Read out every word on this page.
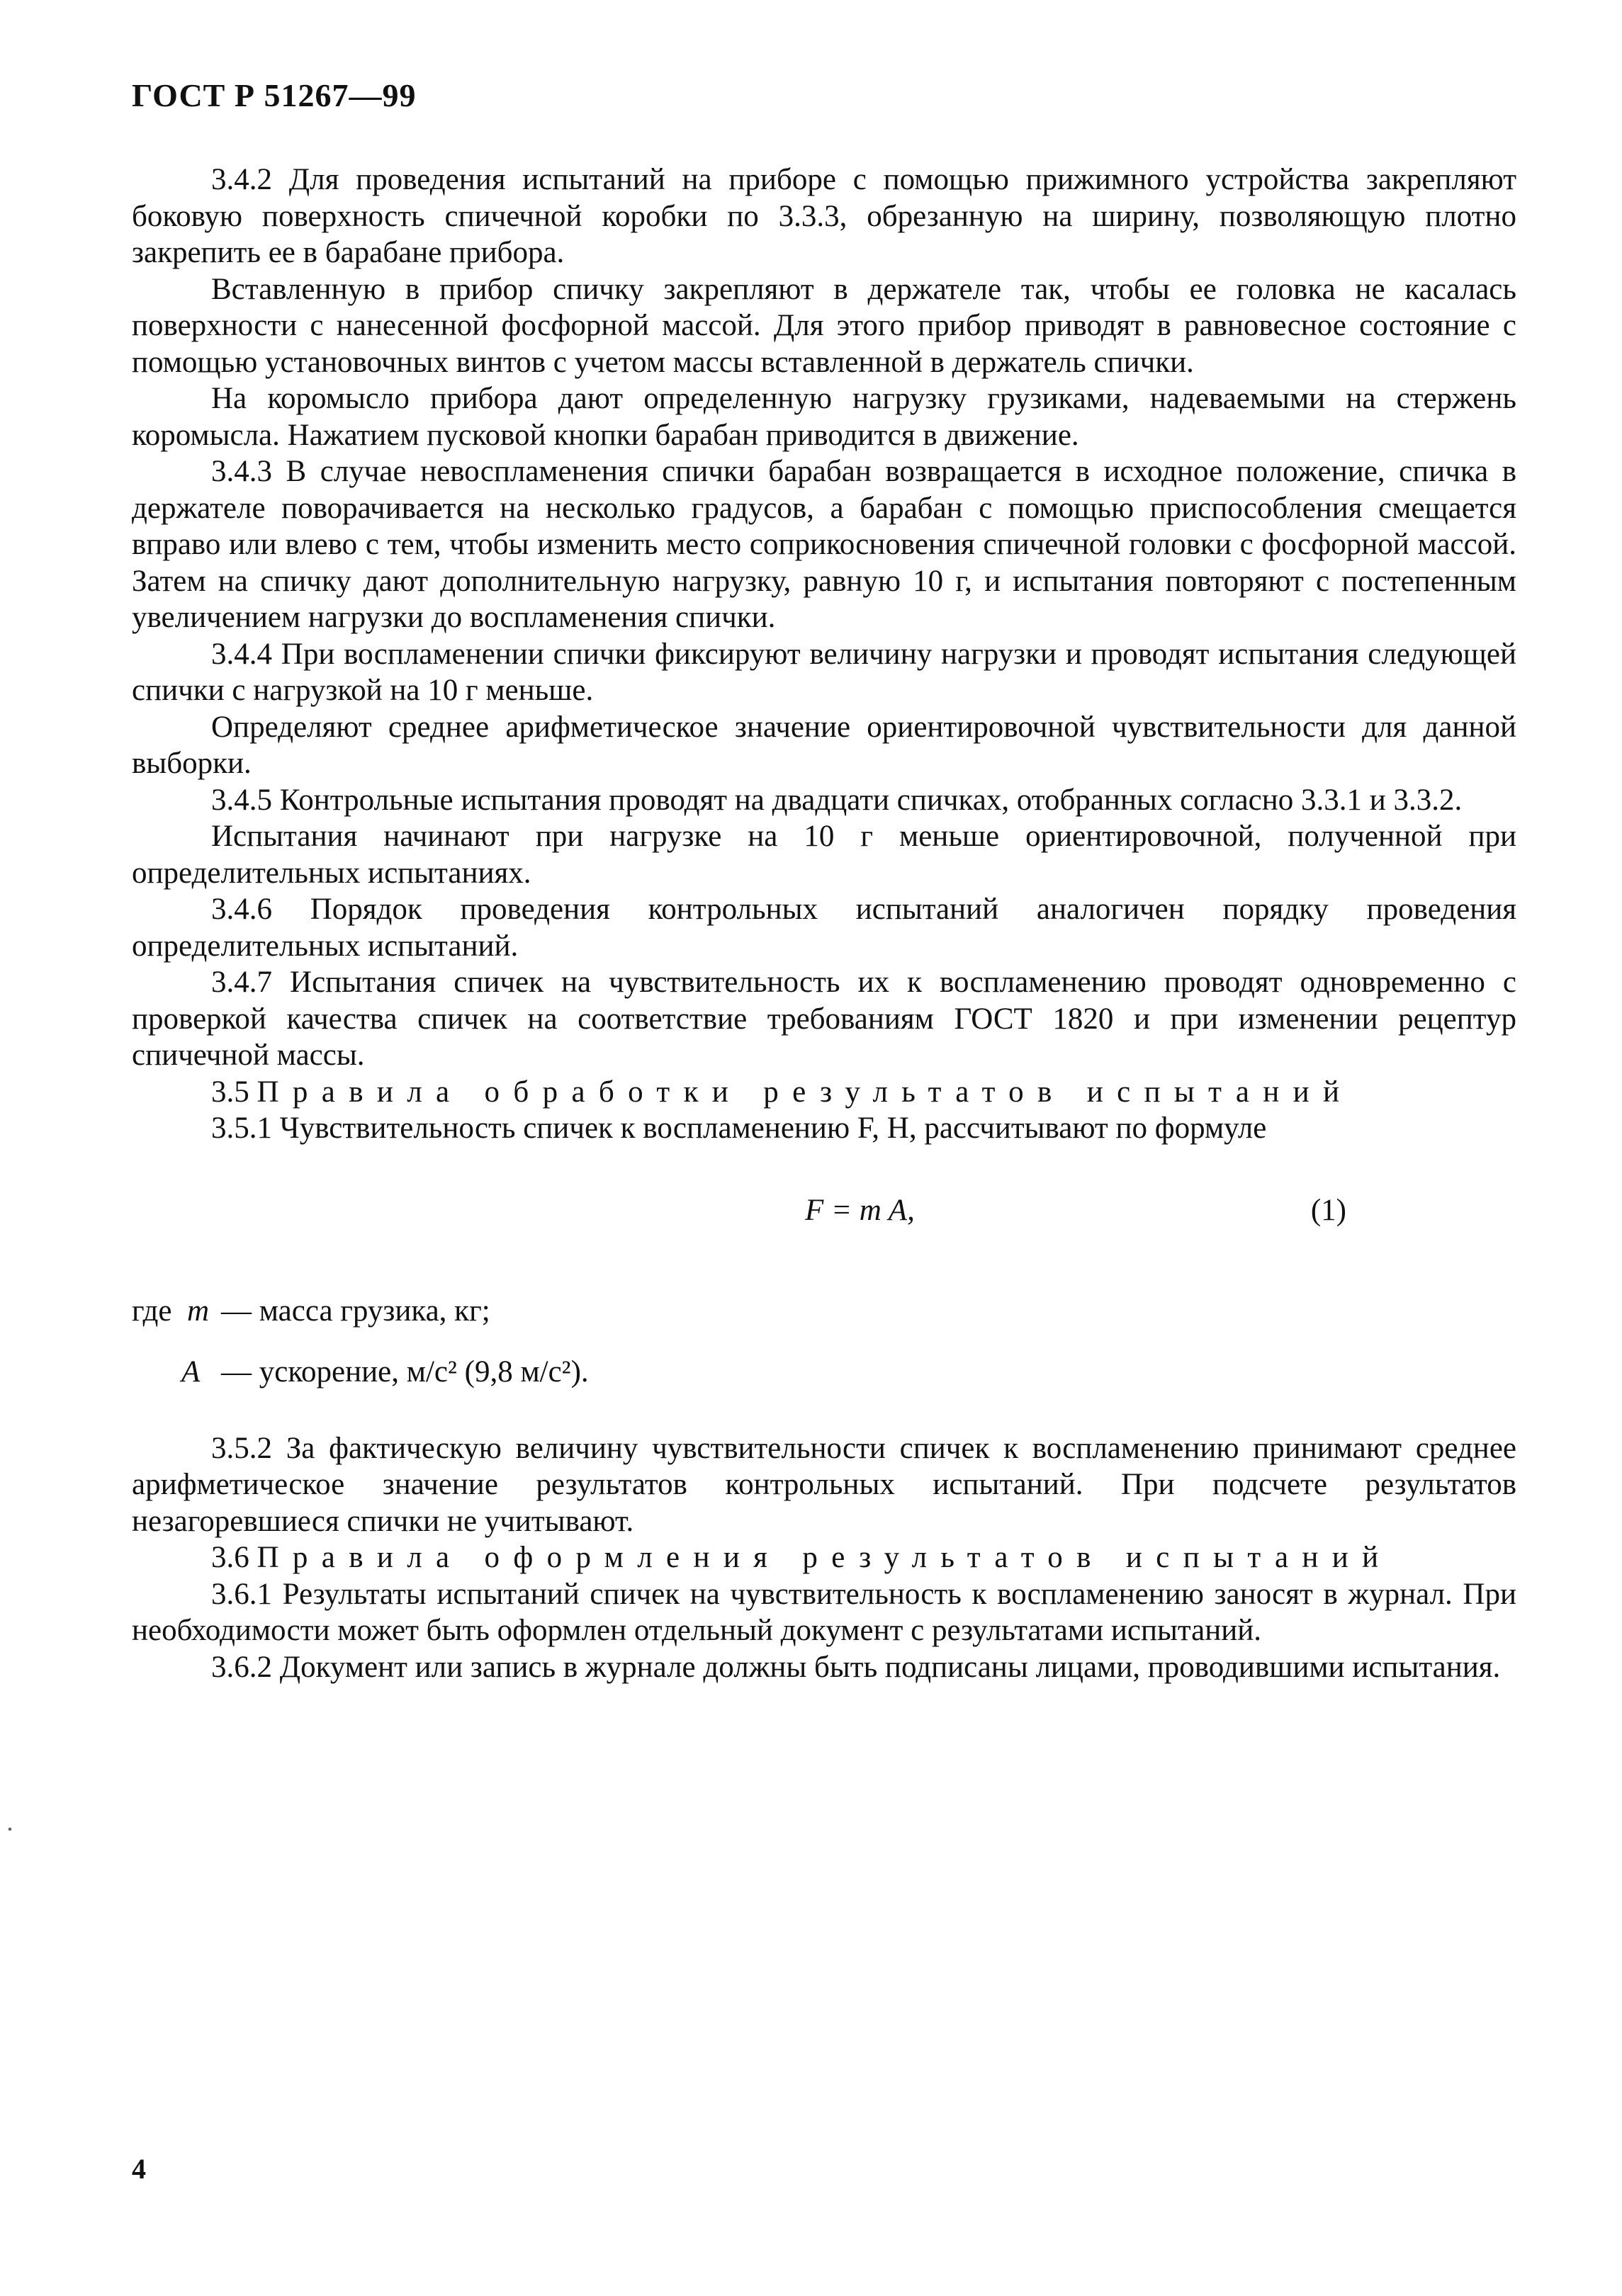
ГОСТ Р 51267—99

3.4.2 Для проведения испытаний на приборе с помощью прижимного устройства закрепляют боковую поверхность спичечной коробки по 3.3.3, обрезанную на ширину, позволяющую плотно закрепить ее в барабане прибора.

Вставленную в прибор спичку закрепляют в держателе так, чтобы ее головка не касалась поверхности с нанесенной фосфорной массой. Для этого прибор приводят в равновесное состояние с помощью установочных винтов с учетом массы вставленной в держатель спички.

На коромысло прибора дают определенную нагрузку грузиками, надеваемыми на стержень коромысла. Нажатием пусковой кнопки барабан приводится в движение.

3.4.3 В случае невоспламенения спички барабан возвращается в исходное положение, спичка в держателе поворачивается на несколько градусов, а барабан с помощью приспособления смещается вправо или влево с тем, чтобы изменить место соприкосновения спичечной головки с фосфорной массой. Затем на спичку дают дополнительную нагрузку, равную 10 г, и испытания повторяют с постепенным увеличением нагрузки до воспламенения спички.

3.4.4 При воспламенении спички фиксируют величину нагрузки и проводят испытания следующей спички с нагрузкой на 10 г меньше.

Определяют среднее арифметическое значение ориентировочной чувствительности для данной выборки.

3.4.5 Контрольные испытания проводят на двадцати спичках, отобранных согласно 3.3.1 и 3.3.2.

Испытания начинают при нагрузке на 10 г меньше ориентировочной, полученной при определительных испытаниях.

3.4.6 Порядок проведения контрольных испытаний аналогичен порядку проведения определительных испытаний.

3.4.7 Испытания спичек на чувствительность их к воспламенению проводят одновременно с проверкой качества спичек на соответствие требованиям ГОСТ 1820 и при изменении рецептур спичечной массы.

3.5 Правила обработки результатов испытаний

3.5.1 Чувствительность спичек к воспламенению F, Н, рассчитывают по формуле

F = m A,	(1)
где m — масса грузика, кг;
A — ускорение, м/с² (9,8 м/с²).

3.5.2 За фактическую величину чувствительности спичек к воспламенению принимают среднее арифметическое значение результатов контрольных испытаний. При подсчете результатов незагоревшиеся спички не учитывают.

3.6 Правила оформления результатов испытаний

3.6.1 Результаты испытаний спичек на чувствительность к воспламенению заносят в журнал. При необходимости может быть оформлен отдельный документ с результатами испытаний.

3.6.2 Документ или запись в журнале должны быть подписаны лицами, проводившими испытания.

4
